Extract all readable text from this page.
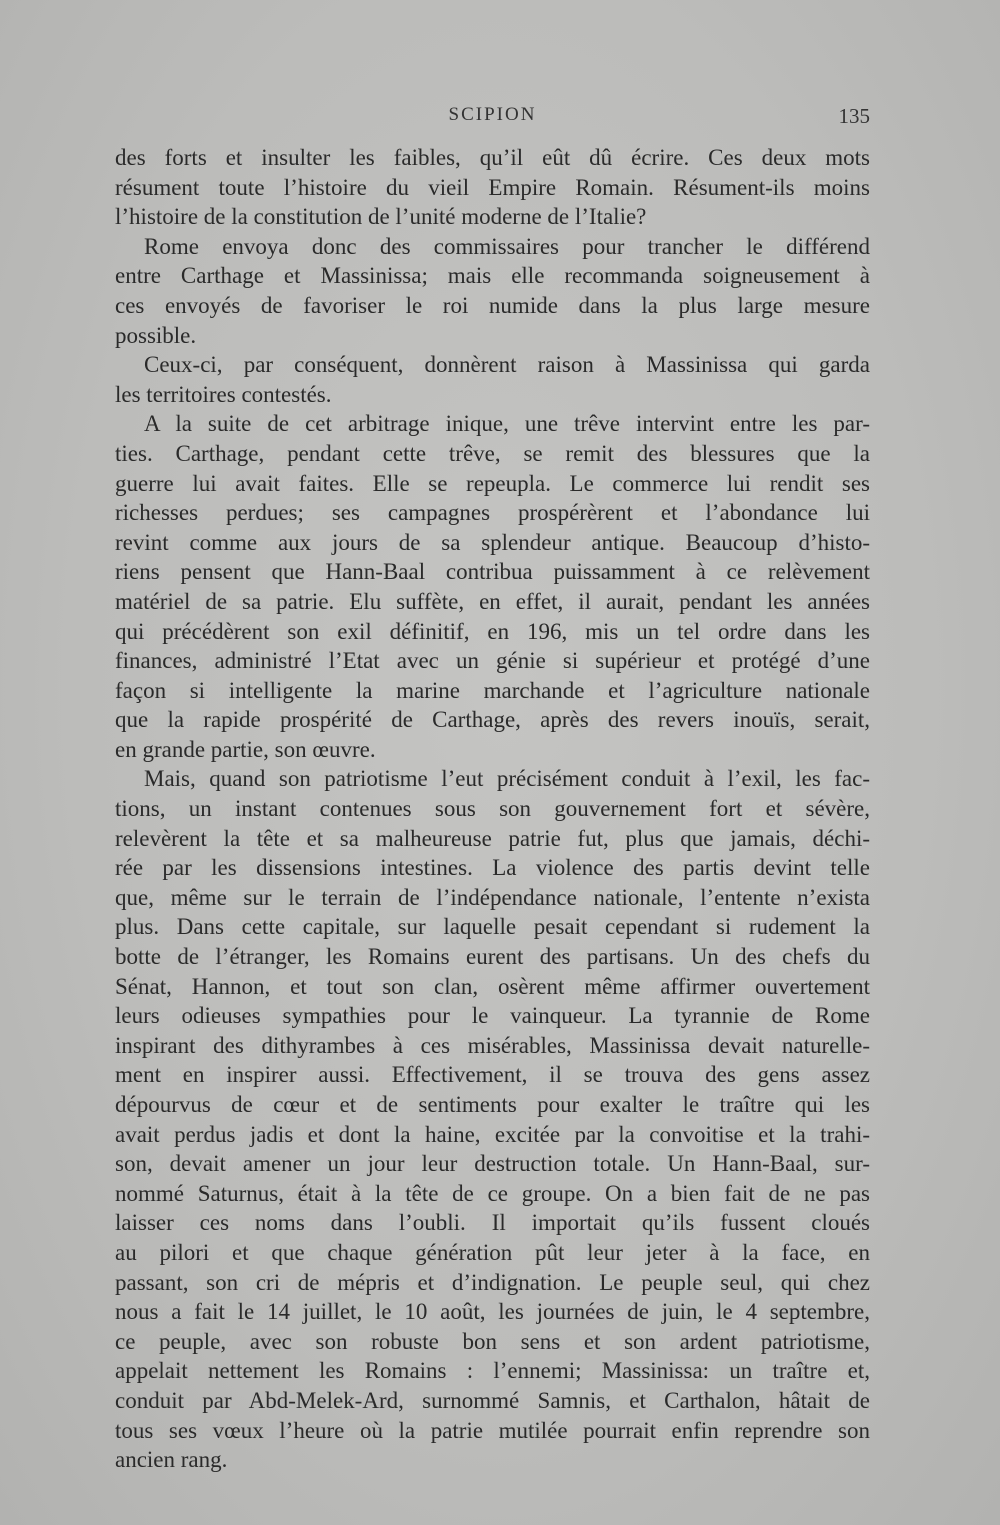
SCIPION	135
des forts et insulter les faibles, qu’il eût dû écrire. Ces deux mots
résument toute l’histoire du vieil Empire Romain. Résument-ils moins
l’histoire de la constitution de l’unité moderne de l’Italie?
Rome envoya donc des commissaires pour trancher le différend
entre Carthage et Massinissa; mais elle recommanda soigneusement à
ces envoyés de favoriser le roi numide dans la plus large mesure
possible.
Ceux-ci, par conséquent, donnèrent raison à Massinissa qui garda
les territoires contestés.
A la suite de cet arbitrage inique, une trêve intervint entre les par-
ties. Carthage, pendant cette trêve, se remit des blessures que la
guerre lui avait faites. Elle se repeupla. Le commerce lui rendit ses
richesses perdues; ses campagnes prospérèrent et l’abondance lui
revint comme aux jours de sa splendeur antique. Beaucoup d’histo-
riens pensent que Hann-Baal contribua puissamment à ce relèvement
matériel de sa patrie. Elu suffète, en effet, il aurait, pendant les années
qui précédèrent son exil définitif, en 196, mis un tel ordre dans les
finances, administré l’Etat avec un génie si supérieur et protégé d’une
façon si intelligente la marine marchande et l’agriculture nationale
que la rapide prospérité de Carthage, après des revers inouïs, serait,
en grande partie, son œuvre.
Mais, quand son patriotisme l’eut précisément conduit à l’exil, les fac-
tions, un instant contenues sous son gouvernement fort et sévère,
relevèrent la tête et sa malheureuse patrie fut, plus que jamais, déchi-
rée par les dissensions intestines. La violence des partis devint telle
que, même sur le terrain de l’indépendance nationale, l’entente n’exista
plus. Dans cette capitale, sur laquelle pesait cependant si rudement la
botte de l’étranger, les Romains eurent des partisans. Un des chefs du
Sénat, Hannon, et tout son clan, osèrent même affirmer ouvertement
leurs odieuses sympathies pour le vainqueur. La tyrannie de Rome
inspirant des dithyrambes à ces misérables, Massinissa devait naturelle-
ment en inspirer aussi. Effectivement, il se trouva des gens assez
dépourvus de cœur et de sentiments pour exalter le traître qui les
avait perdus jadis et dont la haine, excitée par la convoitise et la trahi-
son, devait amener un jour leur destruction totale. Un Hann-Baal, sur-
nommé Saturnus, était à la tête de ce groupe. On a bien fait de ne pas
laisser ces noms dans l’oubli. Il importait qu’ils fussent cloués
au pilori et que chaque génération pût leur jeter à la face, en
passant, son cri de mépris et d’indignation. Le peuple seul, qui chez
nous a fait le 14 juillet, le 10 août, les journées de juin, le 4 septembre,
ce peuple, avec son robuste bon sens et son ardent patriotisme,
appelait nettement les Romains : l’ennemi; Massinissa: un traître et,
conduit par Abd-Melek-Ard, surnommé Samnis, et Carthalon, hâtait de
tous ses vœux l’heure où la patrie mutilée pourrait enfin reprendre son
ancien rang.
